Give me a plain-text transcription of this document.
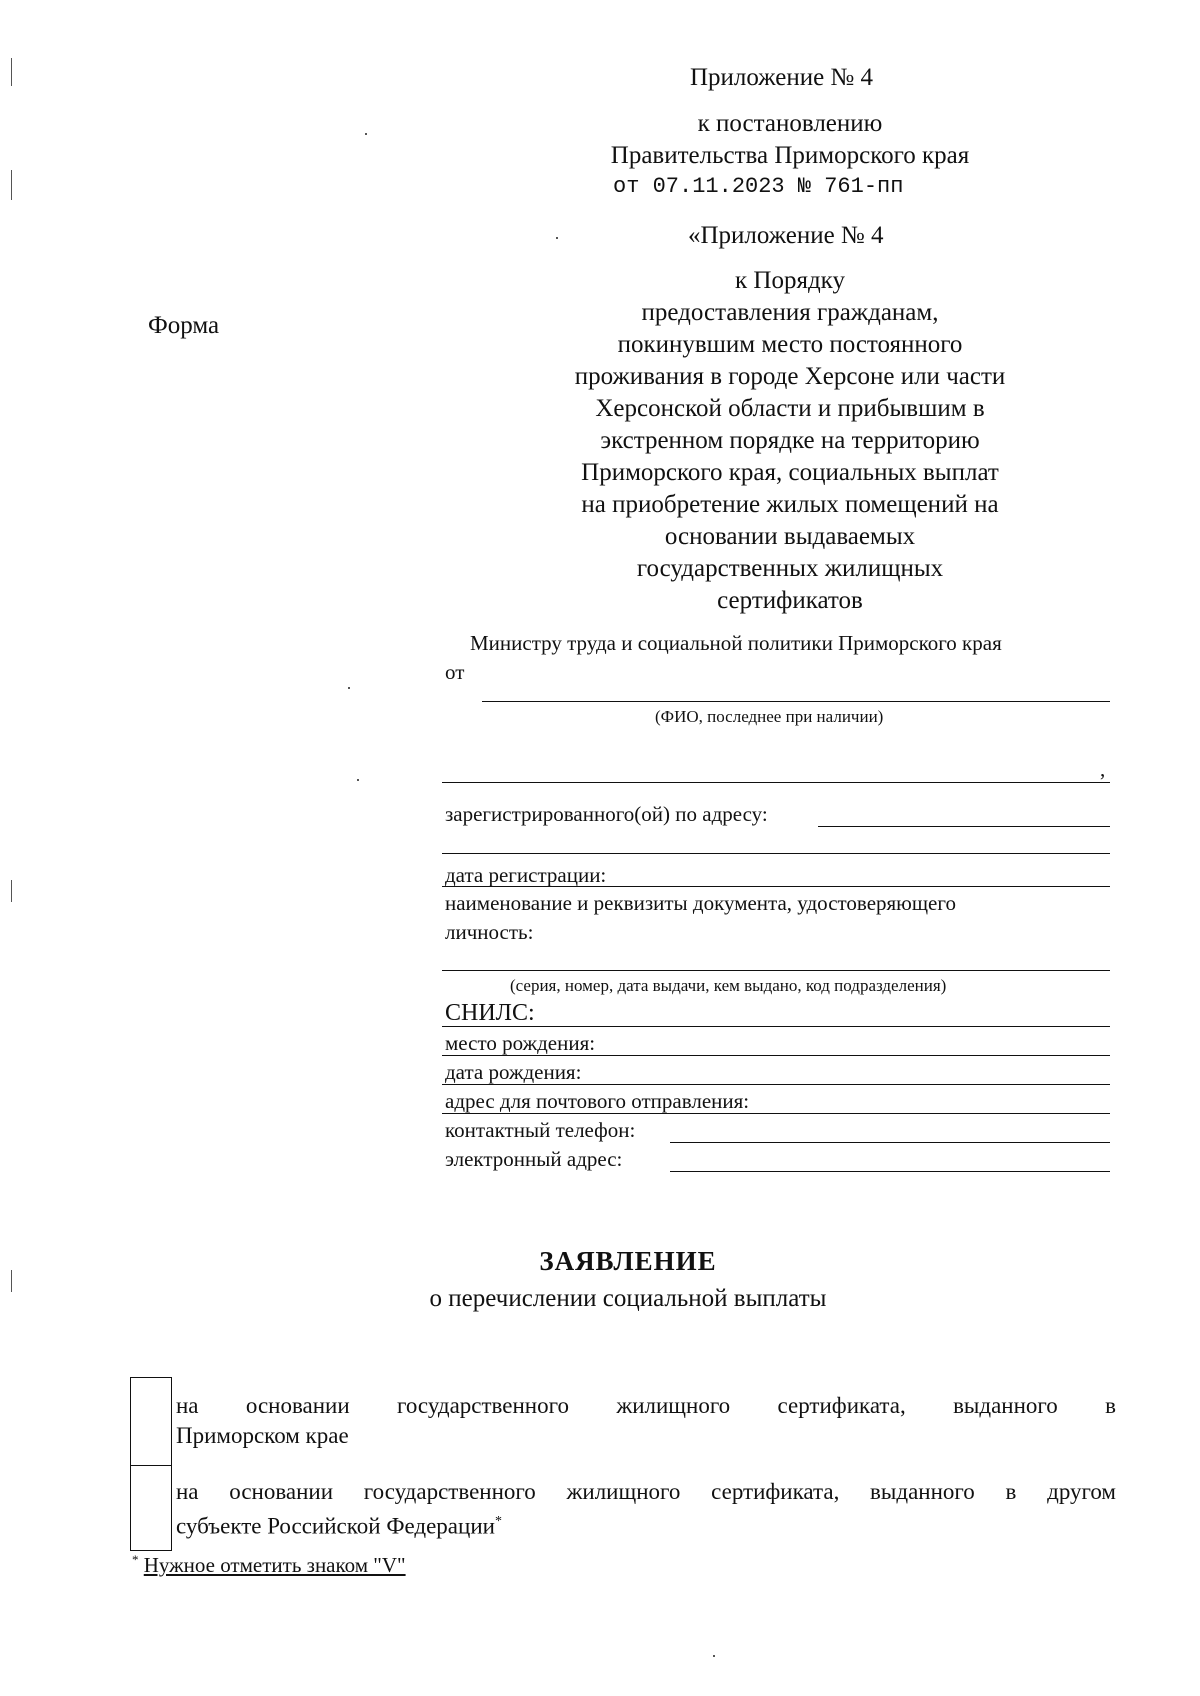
Приложение № 4
к постановлению
Правительства Приморского края
от 07.11.2023 № 761-пп
«Приложение № 4
к Порядку
предоставления гражданам,
покинувшим место постоянного
проживания в городе Херсоне или части
Херсонской области и прибывшим в
экстренном порядке на территорию
Приморского края, социальных выплат
на приобретение жилых помещений на
основании выдаваемых
государственных жилищных
сертификатов
Форма
Министру труда и социальной политики Приморского края
от
(ФИО, последнее при наличии)
,
зарегистрированного(ой) по адресу:
дата регистрации:
наименование и реквизиты документа, удостоверяющего
личность:
(серия, номер, дата выдачи, кем выдано, код подразделения)
СНИЛС:
место рождения:
дата рождения:
адрес для почтового отправления:
контактный телефон:
электронный адрес:
ЗАЯВЛЕНИЕ
о перечислении социальной выплаты
на основании государственного жилищного сертификата, выданного в
Приморском крае
на основании государственного жилищного сертификата, выданного в другом
субъекте Российской Федерации*
* Нужное отметить знаком "V"
